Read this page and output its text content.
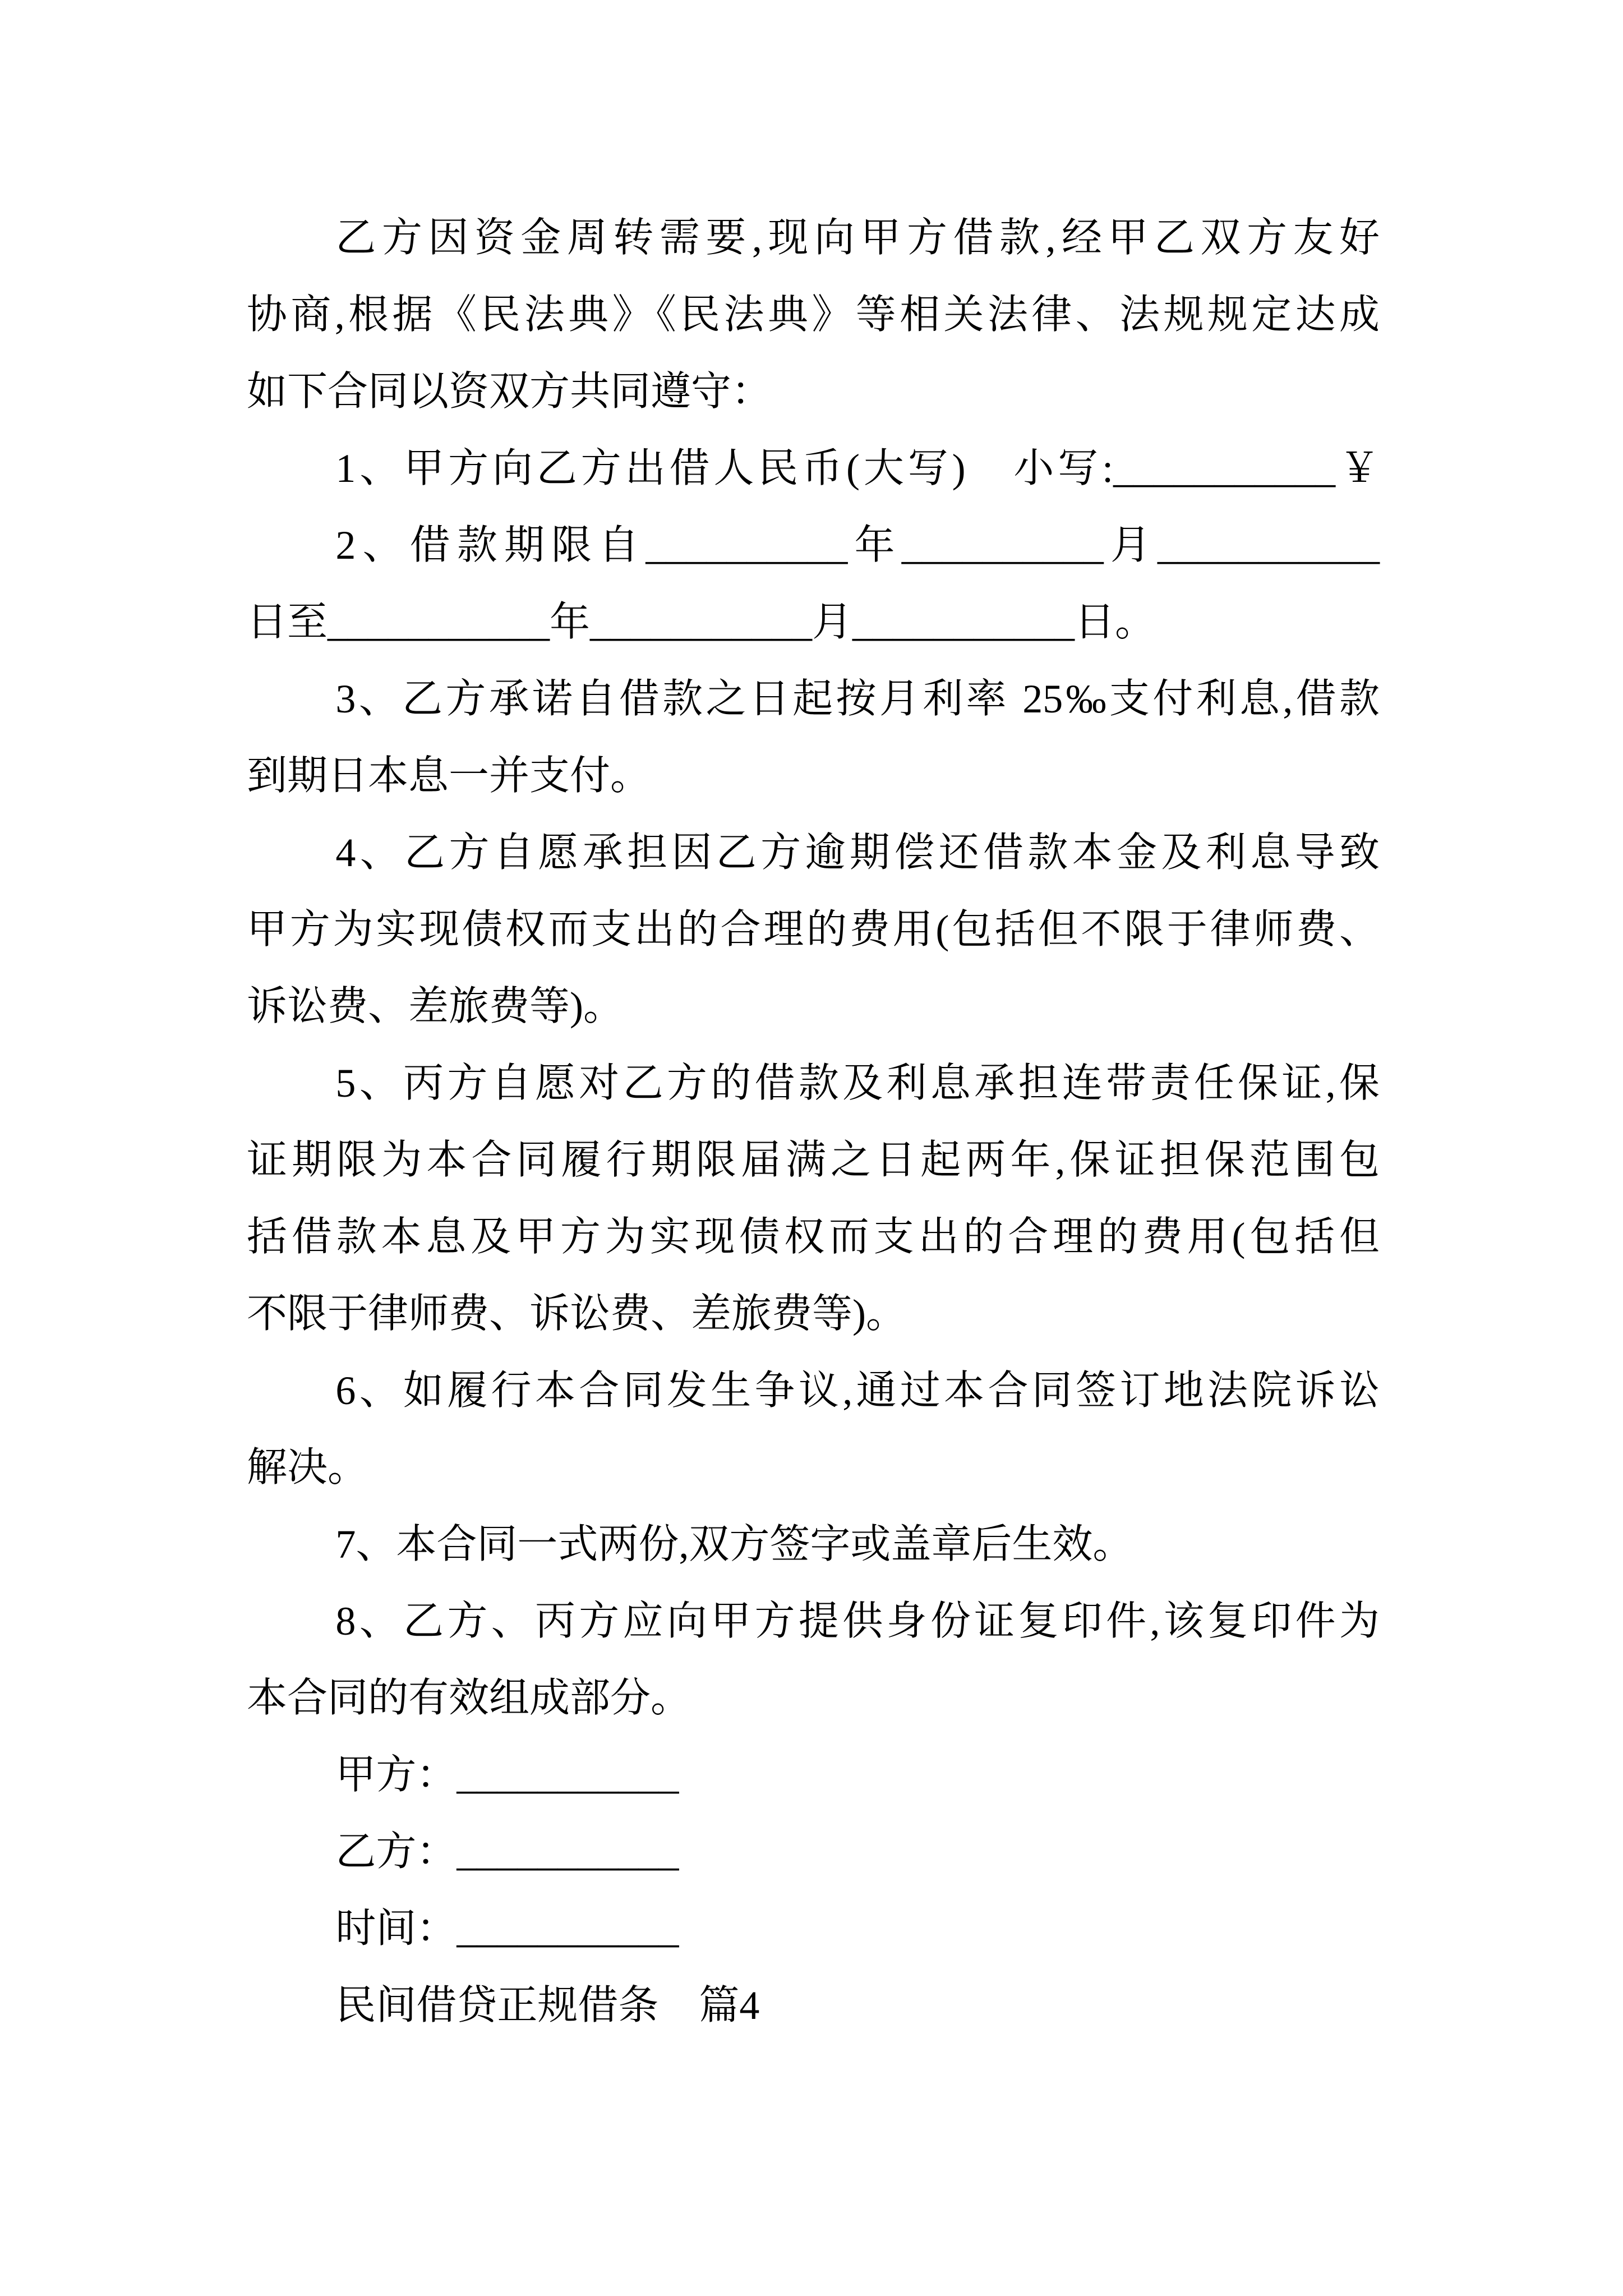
乙方因资金周转需要,现向甲方借款,经甲乙双方友好
协商,根据《民法典》《民法典》等相关法律、法规规定达成
如下合同以资双方共同遵守：
1、甲方向乙方出借人民币(大写)　小写:___________￥
2、借款期限自__________年__________月___________
日至___________年___________月___________日。
3、乙方承诺自借款之日起按月利率 25‰支付利息,借款
到期日本息一并支付。
4、乙方自愿承担因乙方逾期偿还借款本金及利息导致
甲方为实现债权而支出的合理的费用(包括但不限于律师费、
诉讼费、差旅费等)。
5、丙方自愿对乙方的借款及利息承担连带责任保证,保
证期限为本合同履行期限届满之日起两年,保证担保范围包
括借款本息及甲方为实现债权而支出的合理的费用(包括但
不限于律师费、诉讼费、差旅费等)。
6、如履行本合同发生争议,通过本合同签订地法院诉讼
解决。
7、本合同一式两份,双方签字或盖章后生效。
8、乙方、丙方应向甲方提供身份证复印件,该复印件为
本合同的有效组成部分。
甲方：___________
乙方：___________
时间：___________
民间借贷正规借条　篇4
